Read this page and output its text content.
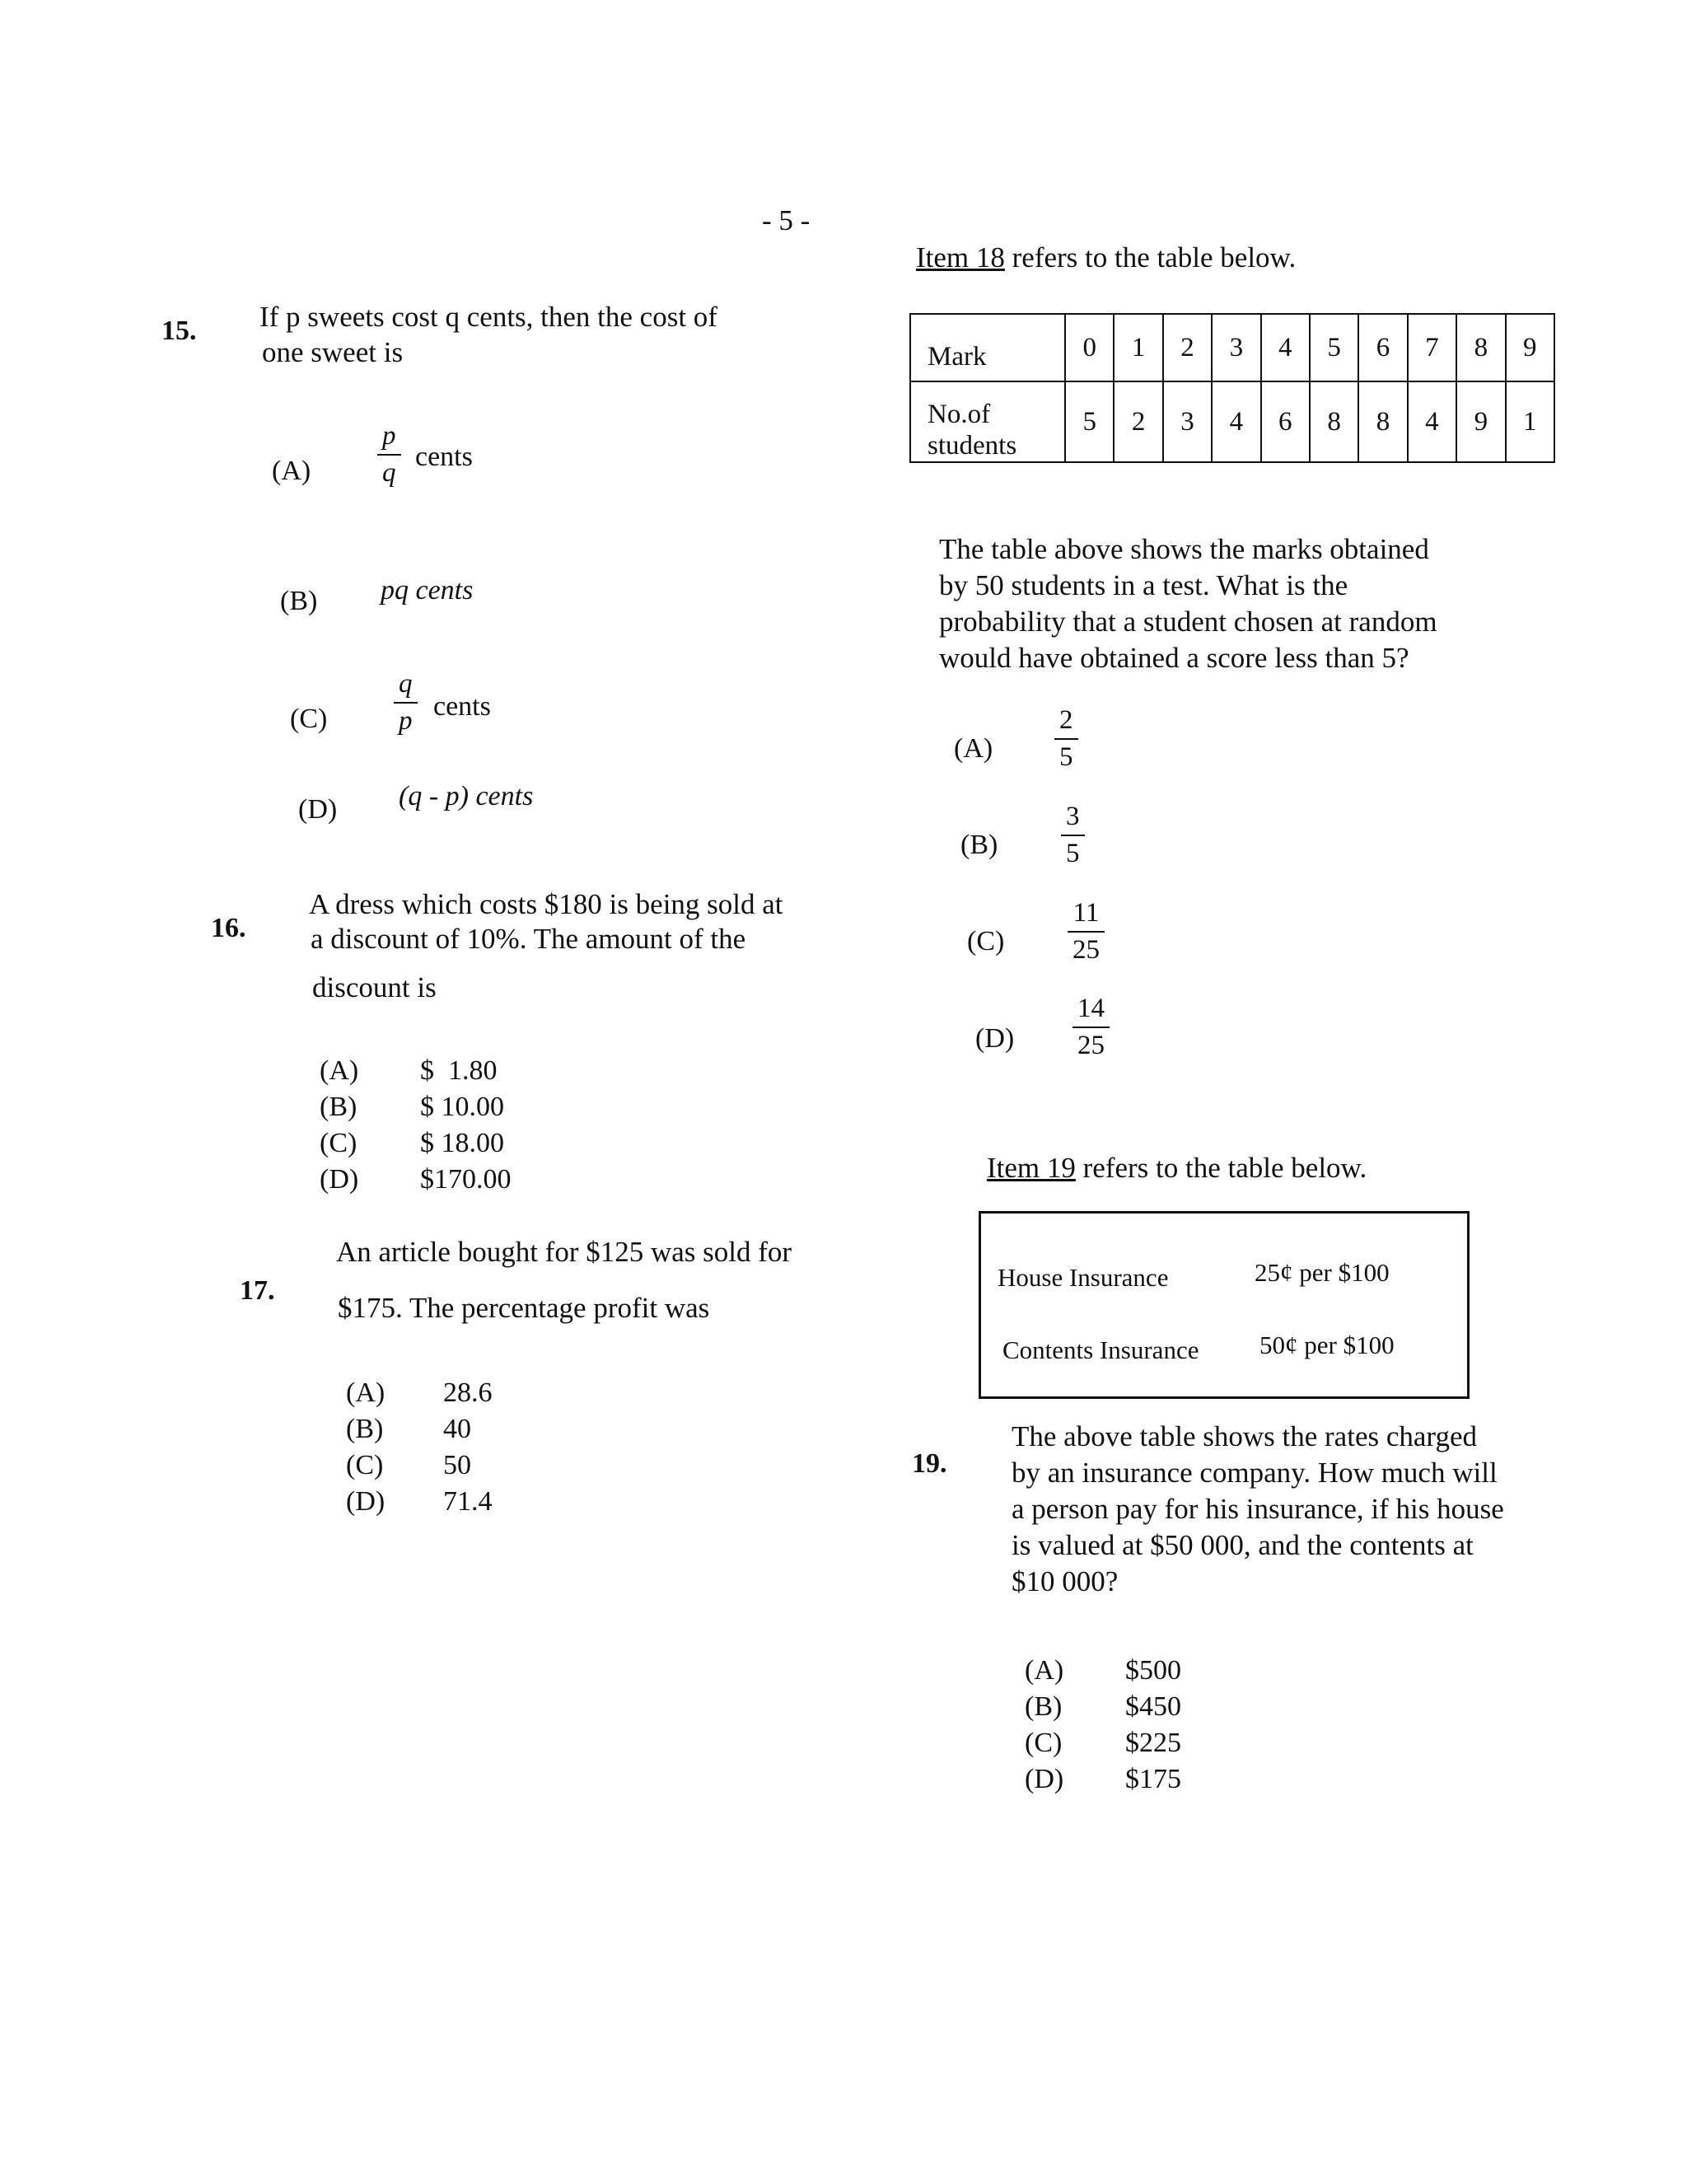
- 5 -
15. If p sweets cost q cents, then the cost of
one sweet is
$(A) \frac{p}{q}$ cents
(B) pq cents
$(C) \frac{q}{p}$ cents
(D) (q - p) cents
16.
A dress which costs $180 is being sold at
a discount of 10%. The amount of the
discount is
(A) $  1.80
(B) $ 10.00
(C) $ 18.00
(D) $170.00
17.
An article bought for $125 was sold for
$175. The percentage profit was
(A) 28.6
(B) 40
(C) 50
(D) 71.4
Item 18 refers to the table below.
Mark	0	1	2	3	4	5	6	7	8	9

No.of
students	5	2	3	4	6	8	8	4	9	1
The table above shows the marks obtained
by 50 students in a test. What is the
probability that a student chosen at random
would have obtained a score less than 5?
$(A) \frac{2}{5}$
$(B) \frac{3}{5}$
$(C) \frac{11}{25}$
$(D) \frac{14}{25}$
Item 19 refers to the table below.
House Insurance	25¢ per $100
Contents Insurance 50¢ per $100
19.
The above table shows the rates charged
by an insurance company. How much will
a person pay for his insurance, if his house
is valued at $50 000, and the contents at
$10 000?
(A) $500
(B) $450
(C) $225
(D) $175
